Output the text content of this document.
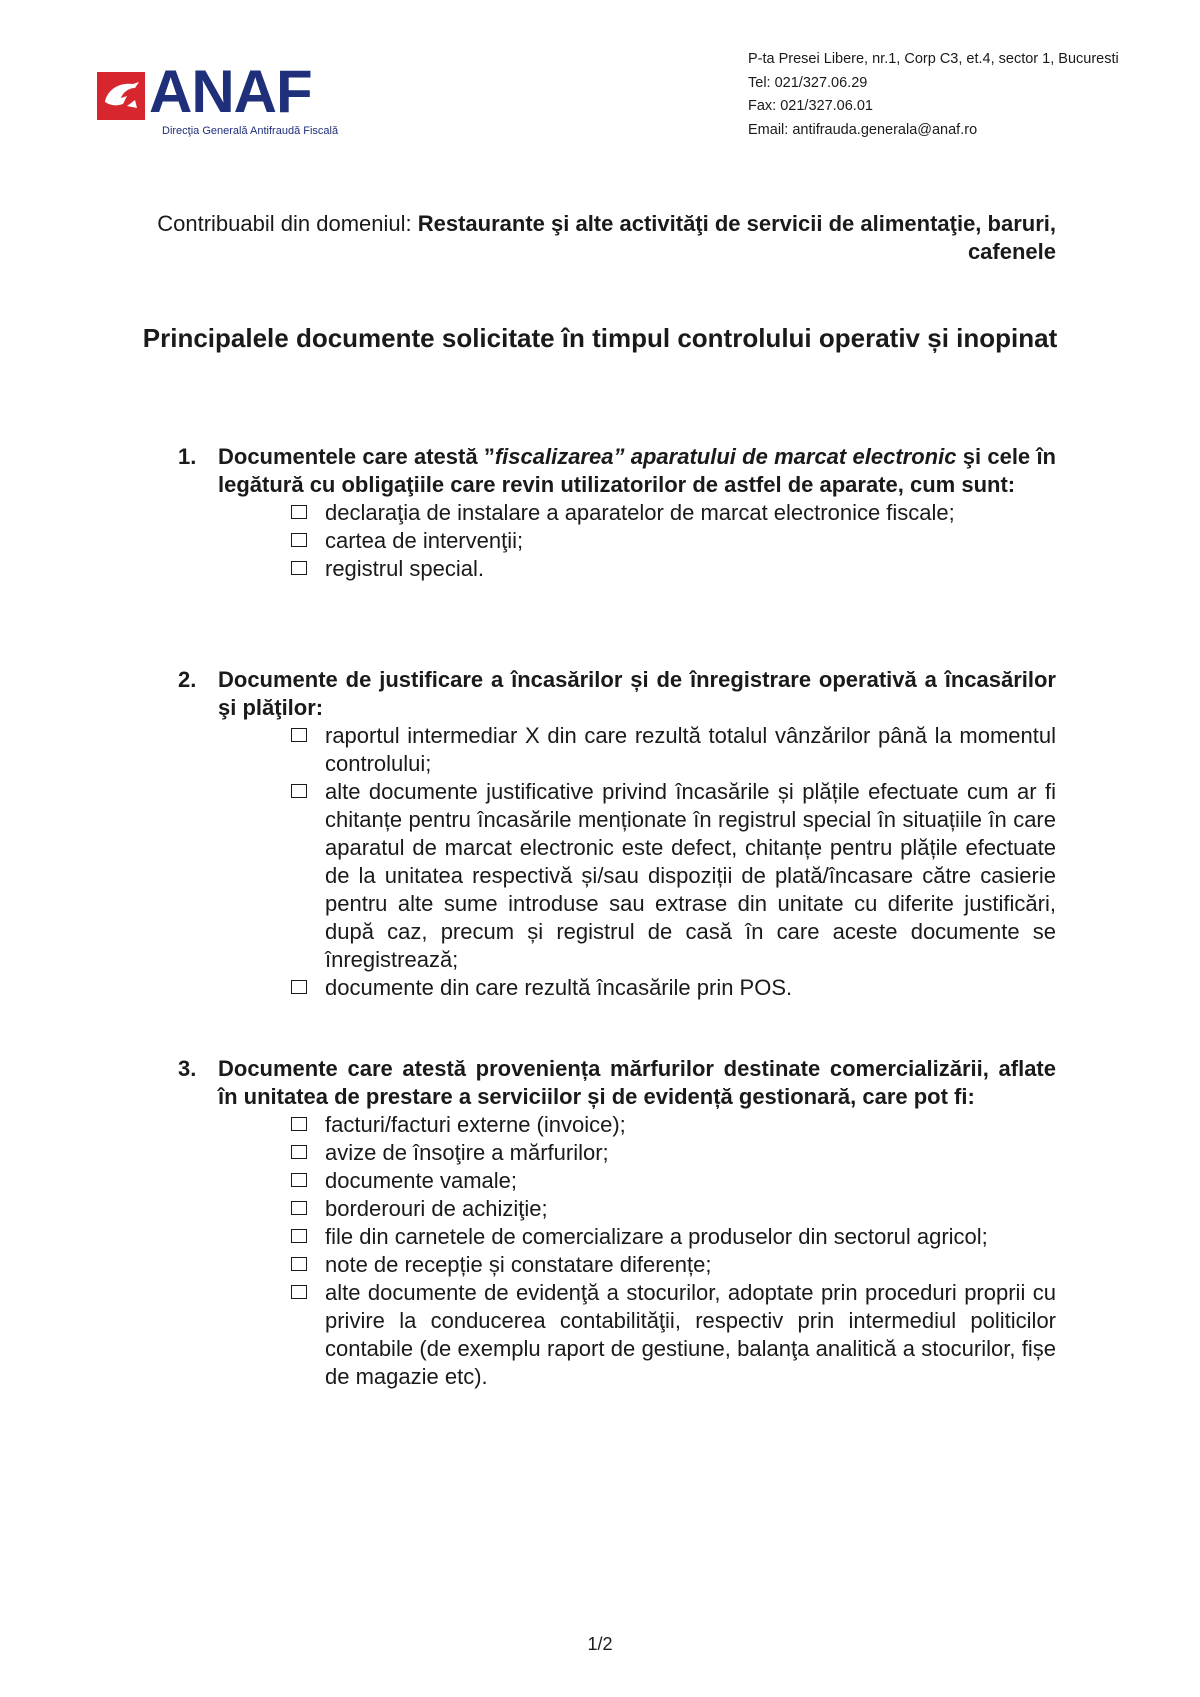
ANAF
Direcţia Generală Antifraudă Fiscală
P-ta Presei Libere, nr.1, Corp C3, et.4, sector 1, Bucuresti
Tel: 021/327.06.29
Fax: 021/327.06.01
Email: antifrauda.generala@anaf.ro
Contribuabil din domeniul: Restaurante şi alte activităţi de servicii de alimentaţie, baruri, cafenele
Principalele documente solicitate în timpul controlului operativ și inopinat
1. Documentele care atestă ”fiscalizarea” aparatului de marcat electronic şi cele în legătură cu obligaţiile care revin utilizatorilor de astfel de aparate, cum sunt:
declaraţia de instalare a aparatelor de marcat electronice fiscale;
cartea de intervenţii;
registrul special.
2. Documente de justificare a încasărilor și de înregistrare operativă a încasărilor şi plăţilor:
raportul intermediar X din care rezultă totalul vânzărilor până la momentul controlului;
alte documente justificative privind încasările și plățile efectuate cum ar fi chitanțe pentru încasările menționate în registrul special în situațiile în care aparatul de marcat electronic este defect, chitanțe pentru plățile efectuate de la unitatea respectivă și/sau dispoziții de plată/încasare către casierie pentru alte sume introduse sau extrase din unitate cu diferite justificări, după caz, precum și registrul de casă în care aceste documente se înregistrează;
documente din care rezultă încasările prin POS.
3. Documente care atestă proveniența mărfurilor destinate comercializării, aflate în unitatea de prestare a serviciilor și de evidență gestionară, care pot fi:
facturi/facturi externe (invoice);
avize de însoţire a mărfurilor;
documente vamale;
borderouri de achiziţie;
file din carnetele de comercializare a produselor din sectorul agricol;
note de recepție și constatare diferențe;
alte documente de evidenţă a stocurilor, adoptate prin proceduri proprii cu privire la conducerea contabilităţii, respectiv prin intermediul politicilor contabile (de exemplu raport de gestiune, balanţa analitică a stocurilor, fișe de magazie etc).
1/2
